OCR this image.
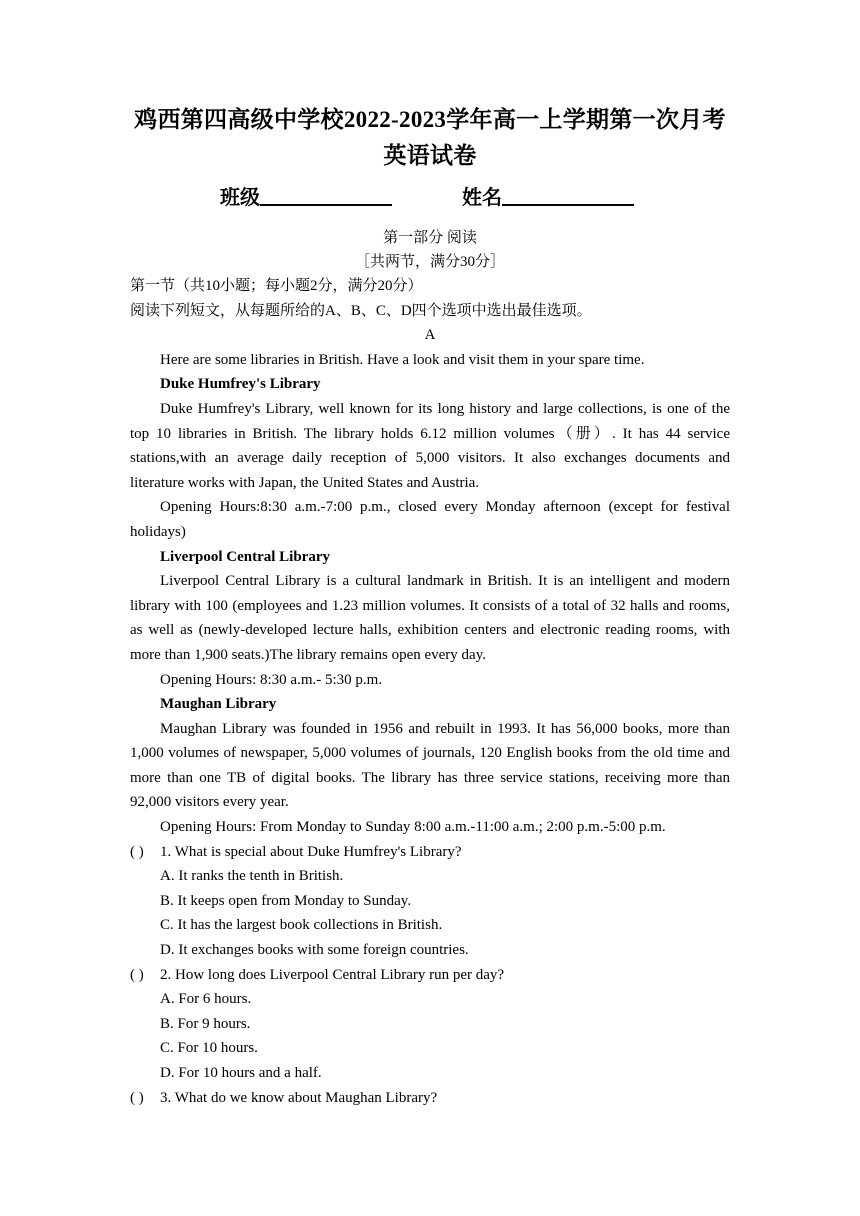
鸡西第四高级中学校2022-2023学年高一上学期第一次月考
英语试卷
班级	姓名
第一部分 阅读
［共两节，满分30分］

第一节（共10小题；每小题2分，满分20分）

阅读下列短文，从每题所给的A、B、C、D四个选项中选出最佳选项。

A

Here are some libraries in British. Have a look and visit them in your spare time.

Duke Humfrey's Library

Duke Humfrey's Library, well known for its long history and large collections, is one of the top 10 libraries in British. The library holds 6.12 million volumes（册）. It has 44 service stations,with an average daily reception of 5,000 visitors. It also exchanges documents and literature works with Japan, the United States and Austria.

Opening Hours:8:30 a.m.-7:00 p.m., closed every Monday afternoon (except for festival holidays)

Liverpool Central Library

Liverpool Central Library is a cultural landmark in British. It is an intelligent and modern library with 100 (employees and 1.23 million volumes. It consists of a total of 32 halls and rooms, as well as (newly-developed lecture halls, exhibition centers and electronic reading rooms, with more than 1,900 seats.)The library remains open every day.

Opening Hours: 8:30 a.m.- 5:30 p.m.

Maughan Library

Maughan Library was founded in 1956 and rebuilt in 1993. It has 56,000 books, more than 1,000 volumes of newspaper, 5,000 volumes of journals, 120 English books from the old time and more than one TB of digital books. The library has three service stations, receiving more than 92,000 visitors every year.

Opening Hours: From Monday to Sunday 8:00 a.m.-11:00 a.m.; 2:00 p.m.-5:00 p.m.

( ) 1. What is special about Duke Humfrey's Library?

A. It ranks the tenth in British.

B. It keeps open from Monday to Sunday.

C. It has the largest book collections in British.

D. It exchanges books with some foreign countries.

( ) 2. How long does Liverpool Central Library run per day?

A. For 6 hours.

B. For 9 hours.

C. For 10 hours.

D. For 10 hours and a half.

( ) 3. What do we know about Maughan Library?
